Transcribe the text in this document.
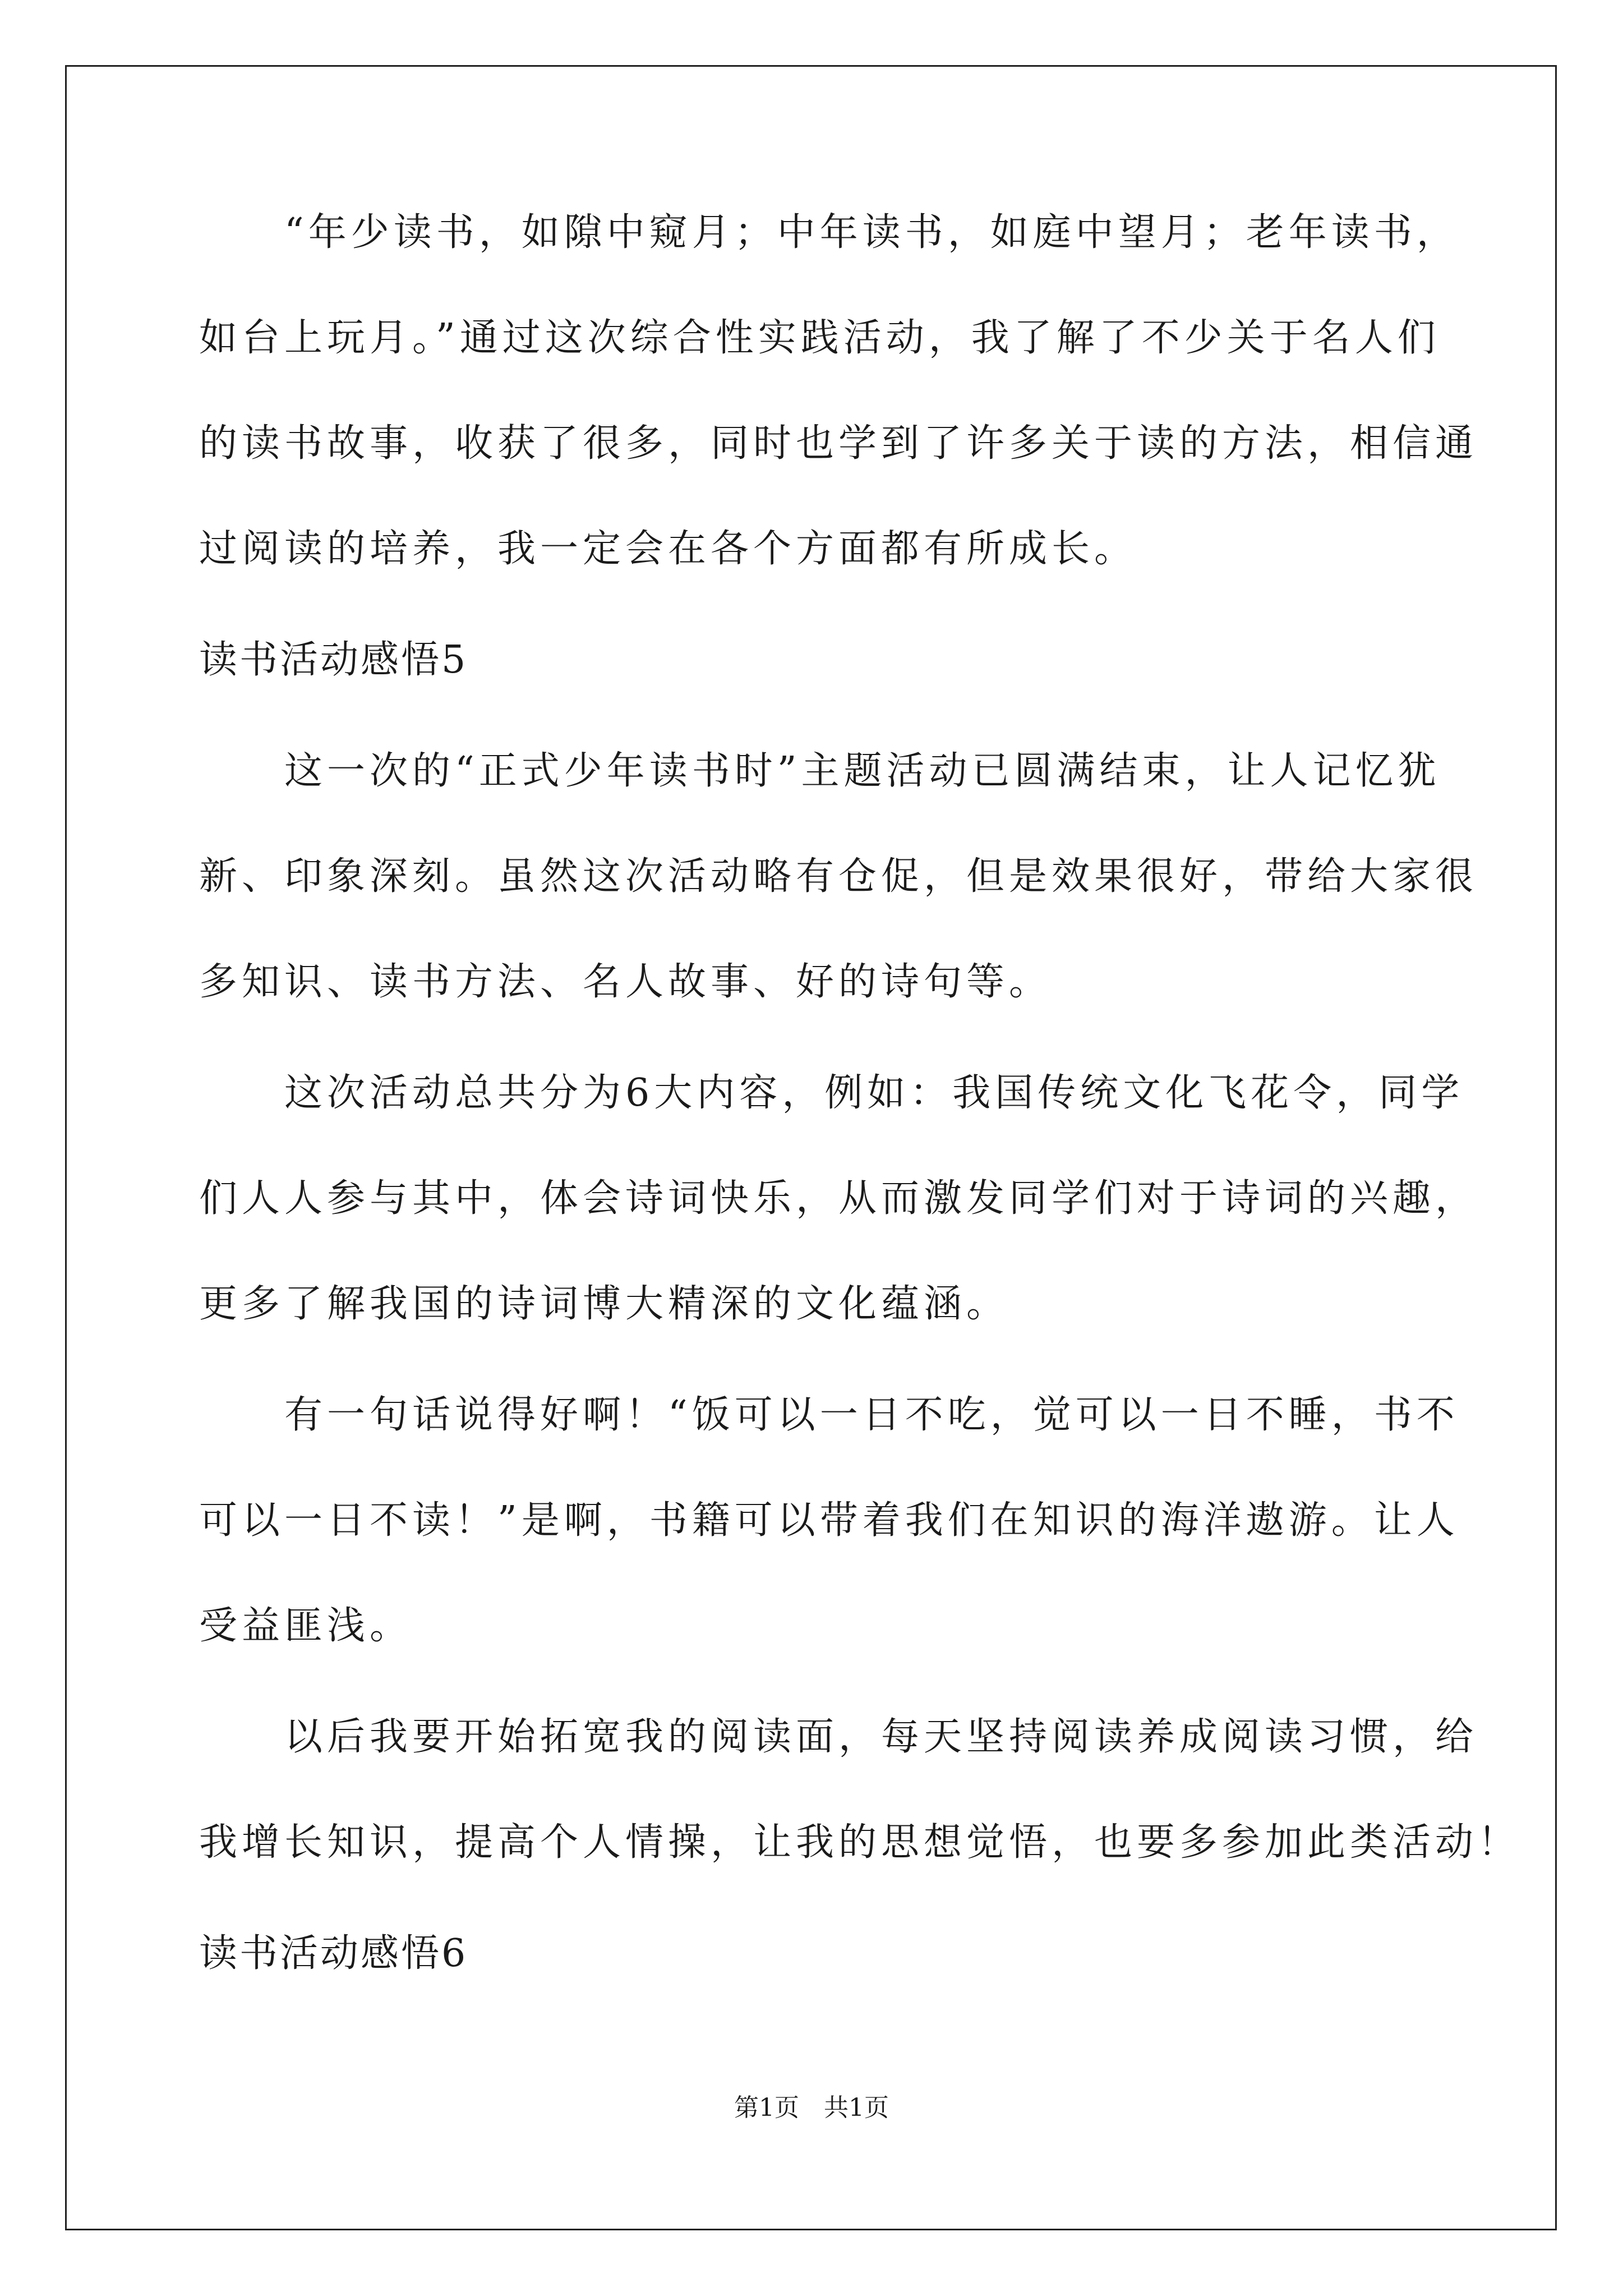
　　“年少读书，如隙中窥月；中年读书，如庭中望月；老年读书，
如台上玩月。”通过这次综合性实践活动，我了解了不少关于名人们
的读书故事，收获了很多，同时也学到了许多关于读的方法，相信通
过阅读的培养，我一定会在各个方面都有所成长。
读书活动感悟5
　　这一次的“正式少年读书时”主题活动已圆满结束，让人记忆犹
新、印象深刻。虽然这次活动略有仓促，但是效果很好，带给大家很
多知识、读书方法、名人故事、好的诗句等。
　　这次活动总共分为6大内容，例如：我国传统文化飞花令，同学
们人人参与其中，体会诗词快乐，从而激发同学们对于诗词的兴趣，
更多了解我国的诗词博大精深的文化蕴涵。
　　有一句话说得好啊！“饭可以一日不吃，觉可以一日不睡，书不
可以一日不读！”是啊，书籍可以带着我们在知识的海洋遨游。让人
受益匪浅。
　　以后我要开始拓宽我的阅读面，每天坚持阅读养成阅读习惯，给
我增长知识，提高个人情操，让我的思想觉悟，也要多参加此类活动！
读书活动感悟6
第1页　共1页
